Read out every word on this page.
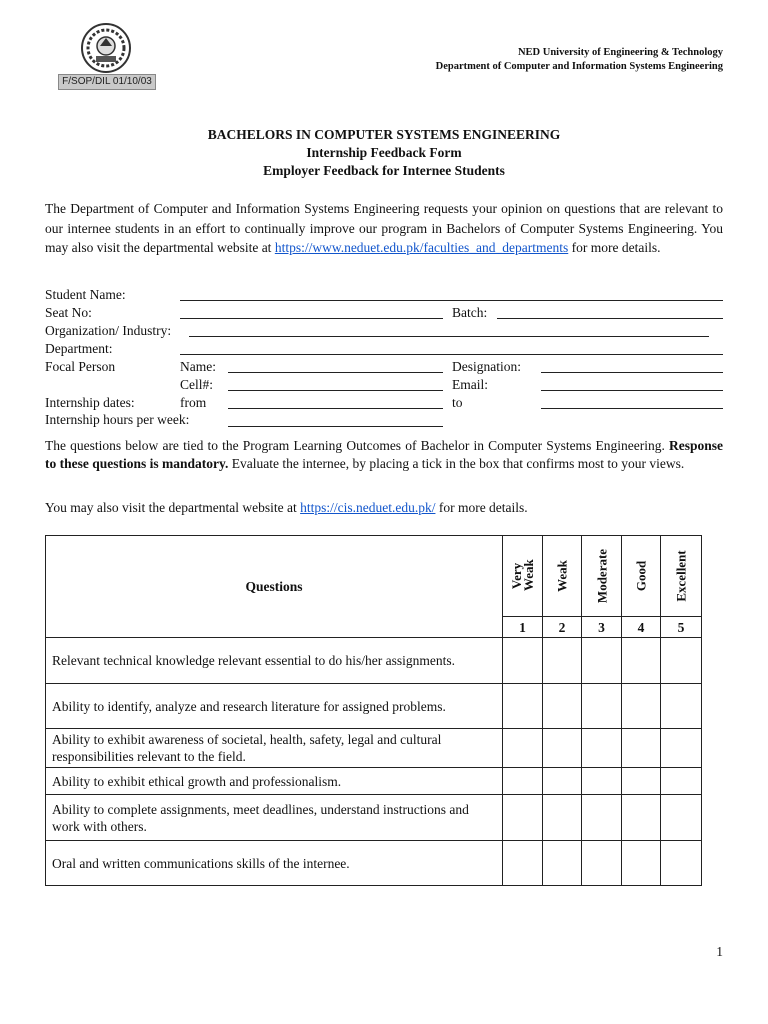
F/SOP/DIL 01/10/03
NED University of Engineering & Technology
Department of Computer and Information Systems Engineering
BACHELORS IN COMPUTER SYSTEMS ENGINEERING
Internship Feedback Form
Employer Feedback for Internee Students

The Department of Computer and Information Systems Engineering requests your opinion on questions that are relevant to our internee students in an effort to continually improve our program in Bachelors of Computer Systems Engineering. You may also visit the departmental website at https://www.neduet.edu.pk/faculties_and_departments for more details.

Student Name:
Seat No:	Batch:
Organization/ Industry:
Department:
Focal Person	Name:	Designation:
Cell#:	Email:
Internship dates:	from	to
Internship hours per week:

The questions below are tied to the Program Learning Outcomes of Bachelor in Computer Systems Engineering. Response to these questions is mandatory. Evaluate the internee, by placing a tick in the box that confirms most to your views.

You may also visit the departmental website at https://cis.neduet.edu.pk/ for more details.

Questions	Very Weak	Weak	Moderate	Good	Excellent

	1	2	3	4	5
Relevant technical knowledge relevant essential to do his/her assignments.					
Ability to identify, analyze and research literature for assigned problems.					
Ability to exhibit awareness of societal, health, safety, legal and cultural responsibilities relevant to the field.					
Ability to exhibit ethical growth and professionalism.					
Ability to complete assignments, meet deadlines, understand instructions and work with others.					
Oral and written communications skills of the internee.					
1
